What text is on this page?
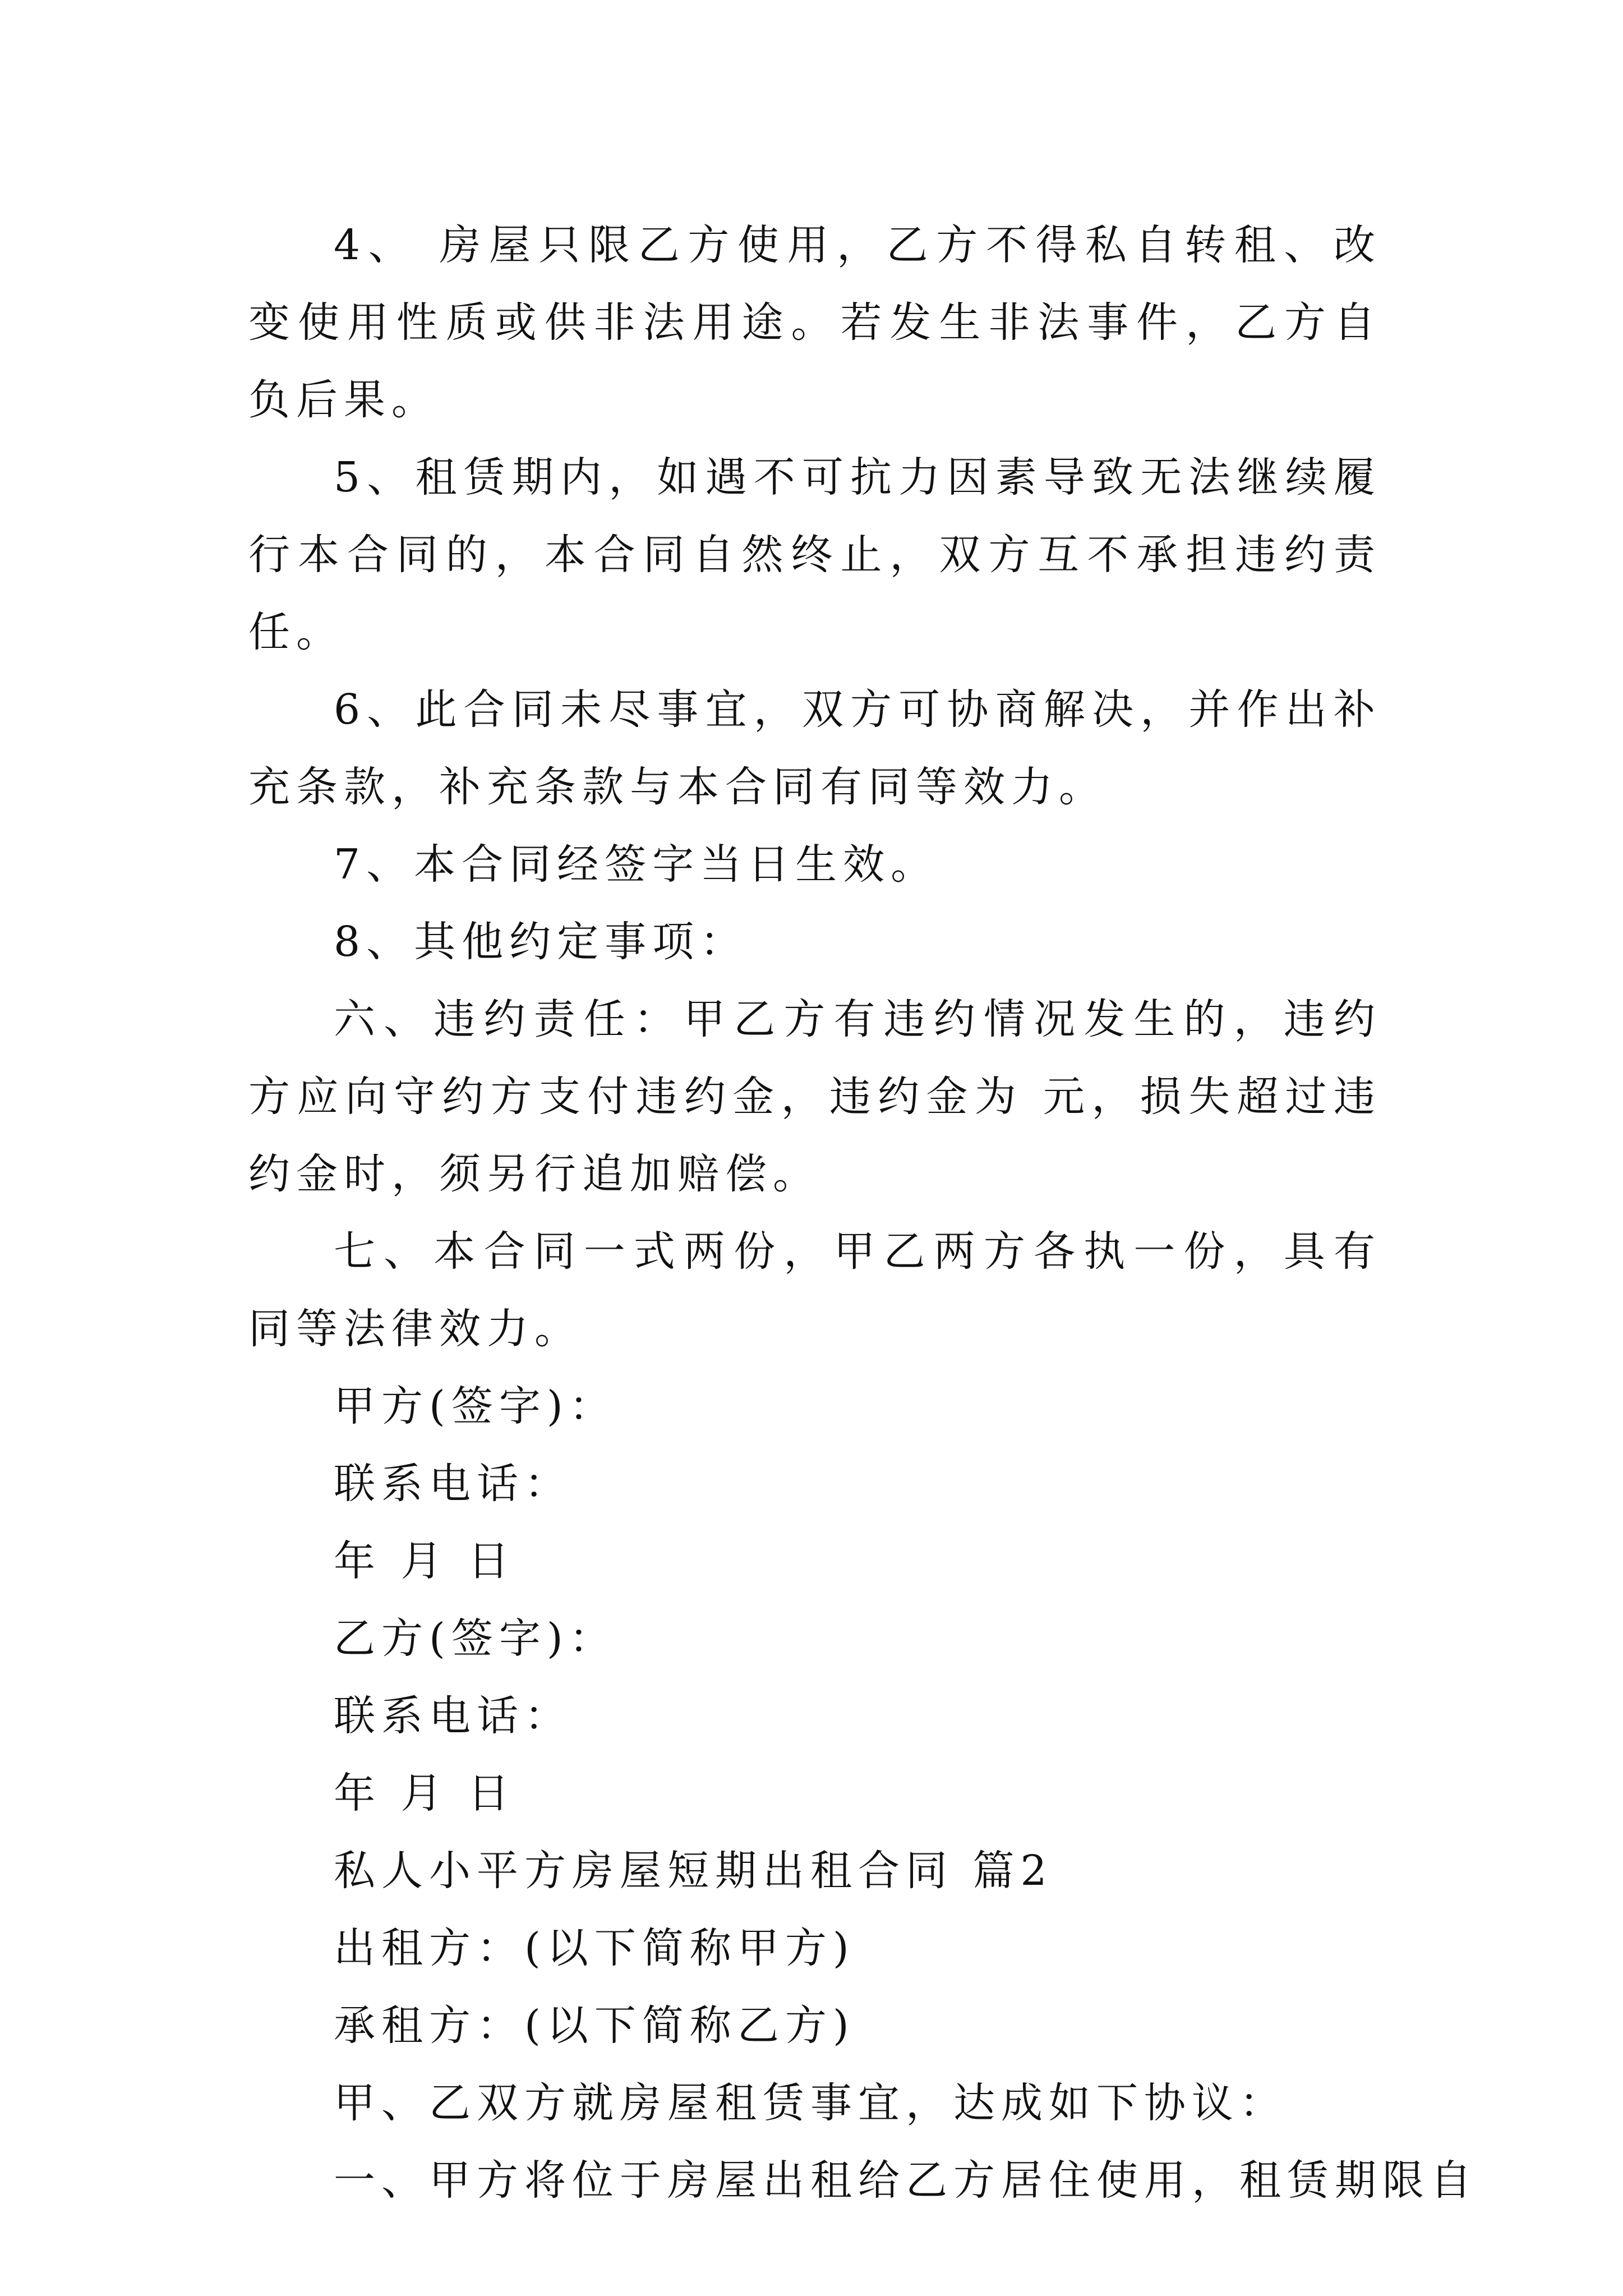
4、 房屋只限乙方使用，乙方不得私自转租、改变使用性质或供非法用途。若发生非法事件，乙方自负后果。

5、租赁期内，如遇不可抗力因素导致无法继续履行本合同的，本合同自然终止，双方互不承担违约责任。

6、此合同未尽事宜，双方可协商解决，并作出补充条款，补充条款与本合同有同等效力。

7、本合同经签字当日生效。

8、其他约定事项：

六、违约责任：甲乙方有违约情况发生的，违约方应向守约方支付违约金，违约金为 元，损失超过违约金时，须另行追加赔偿。

七、本合同一式两份，甲乙两方各执一份，具有同等法律效力。

甲方(签字)：

联系电话：

年 月 日

乙方(签字)：

联系电话：

年 月 日

私人小平方房屋短期出租合同 篇2

出租方：(以下简称甲方)

承租方：(以下简称乙方)

甲、乙双方就房屋租赁事宜，达成如下协议：

一、甲方将位于房屋出租给乙方居住使用，租赁期限自
